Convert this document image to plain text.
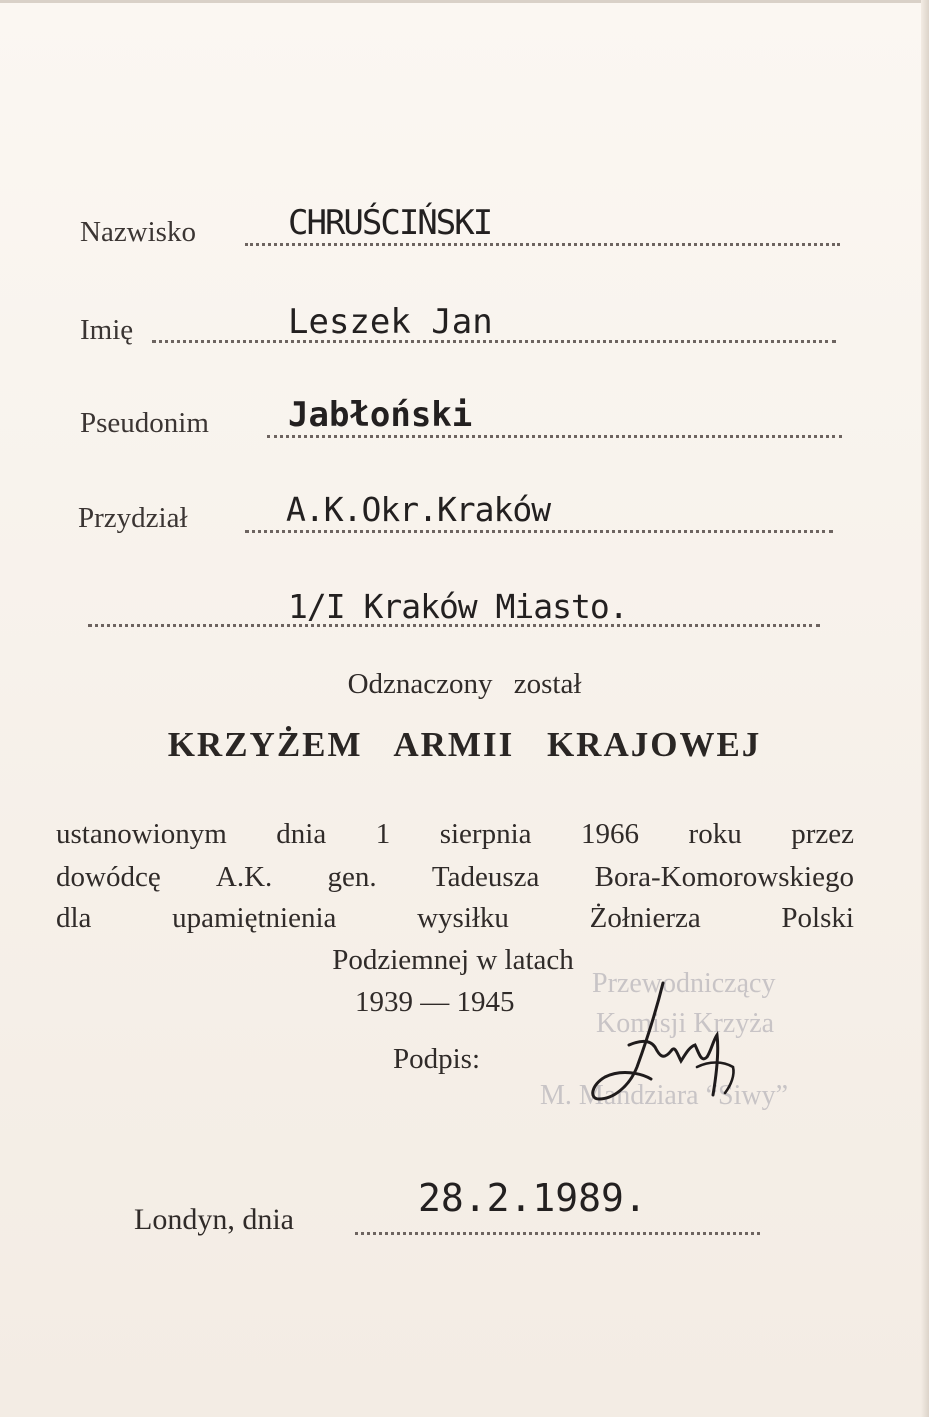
Nazwisko	CHRUŚCIŃSKI
Imię	Leszek Jan
Pseudonim Jabłoński
Przydział	A.K.Okr.Kraków
1/I Kraków Miasto.
Odznaczony został
KRZYŻEM ARMII KRAJOWEJ
ustanowionym dnia 1 sierpnia 1966 roku przez
dowódcę A.K. gen. Tadeusza Bora-Komorowskiego
dla	upamiętnienia	wysiłku	Żołnierza	Polski
Podziemnej w latach
1939 — 1945
Przewodniczący
Komisji Krzyża
M. Mandziara “Siwy”
Podpis:
Londyn, dnia	28.2.1989.
